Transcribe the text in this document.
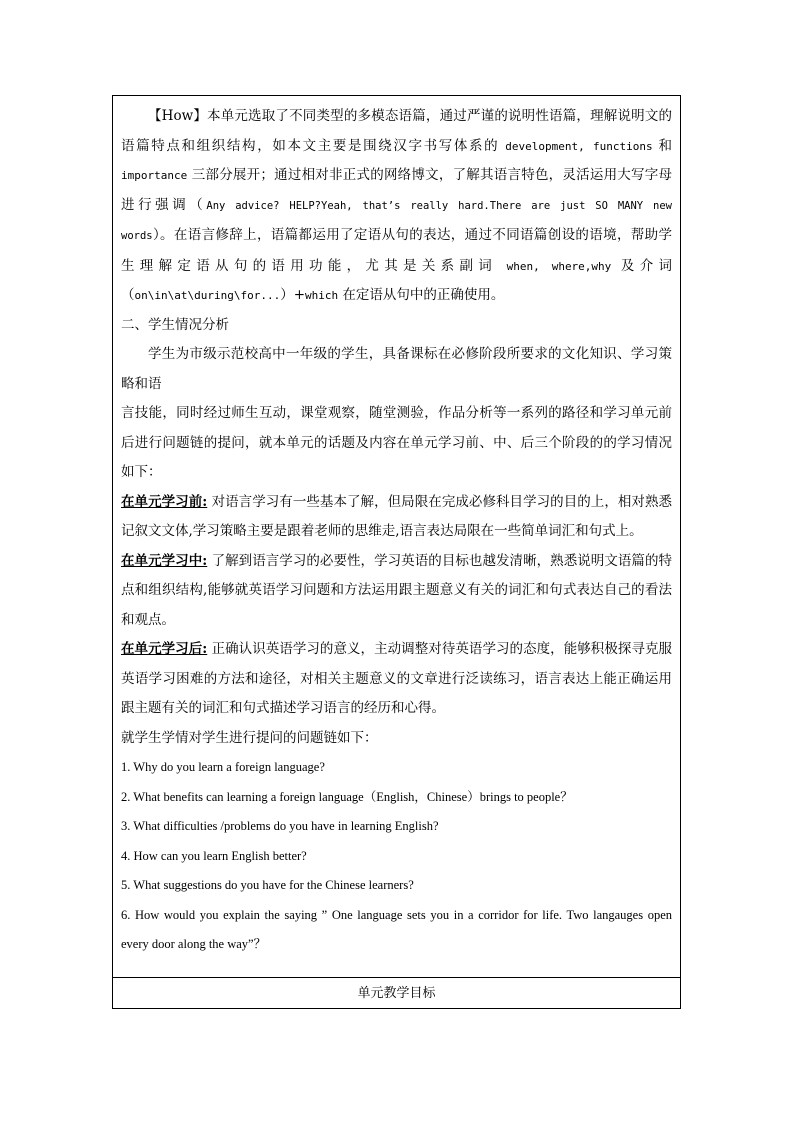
【How】本单元选取了不同类型的多模态语篇，通过严谨的说明性语篇，理解说明文的语篇特点和组织结构，如本文主要是围绕汉字书写体系的 development, functions 和 importance 三部分展开；通过相对非正式的网络博文，了解其语言特色，灵活运用大写字母进行强调（Any advice? HELP?Yeah, that’s really hard.There are just SO MANY new words）。在语言修辞上，语篇都运用了定语从句的表达，通过不同语篇创设的语境，帮助学生理解定语从句的语用功能，尤其是关系副词 when, where,why 及介词（on\in\at\during\for...）+which 在定语从句中的正确使用。

二、学生情况分析

学生为市级示范校高中一年级的学生，具备课标在必修阶段所要求的文化知识、学习策略和语

言技能，同时经过师生互动，课堂观察，随堂测验，作品分析等一系列的路径和学习单元前后进行问题链的提问，就本单元的话题及内容在单元学习前、中、后三个阶段的的学习情况如下：

在单元学习前: 对语言学习有一些基本了解，但局限在完成必修科目学习的目的上，相对熟悉记叙文文体,学习策略主要是跟着老师的思维走,语言表达局限在一些简单词汇和句式上。

在单元学习中: 了解到语言学习的必要性，学习英语的目标也越发清晰，熟悉说明文语篇的特点和组织结构,能够就英语学习问题和方法运用跟主题意义有关的词汇和句式表达自己的看法和观点。

在单元学习后: 正确认识英语学习的意义，主动调整对待英语学习的态度，能够积极探寻克服英语学习困难的方法和途径，对相关主题意义的文章进行泛读练习，语言表达上能正确运用跟主题有关的词汇和句式描述学习语言的经历和心得。

就学生学情对学生进行提问的问题链如下：

1. Why do you learn a foreign language?

2. What benefits can learning a foreign language（English，Chinese）brings to people？

3. What difficulties /problems do you have in learning English?

4. How can you learn English better?

5. What suggestions do you have for the Chinese learners?

6. How would you explain the saying ” One language sets you in a corridor for life. Two langauges open every door along the way”？

单元教学目标
